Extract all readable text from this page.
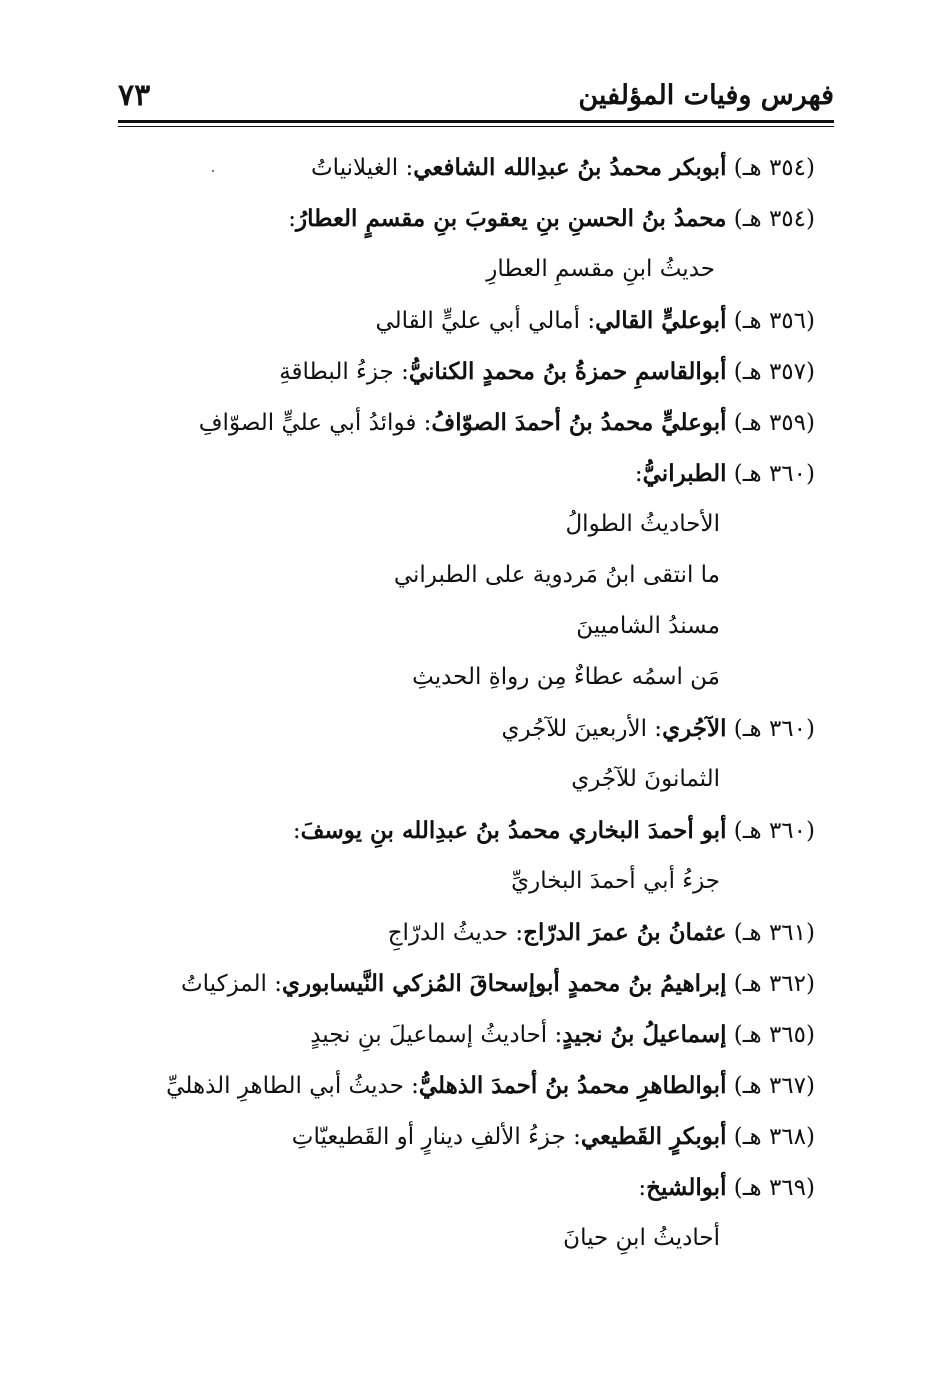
فهرس وفيات المؤلفين
٧٣
(٣٥٤ هـ) أبوبكر محمدُ بنُ عبدِالله الشافعي: الغيلانياتُ
(٣٥٤ هـ) محمدُ بنُ الحسنِ بنِ يعقوبَ بنِ مقسمٍ العطارُ:
حديثُ ابنِ مقسمِ العطارِ
(٣٥٦ هـ) أبوعليٍّ القالي: أمالي أبي عليٍّ القالي
(٣٥٧ هـ) أبوالقاسمِ حمزةُ بنُ محمدٍ الكنانيُّ: جزءُ البطاقةِ
(٣٥٩ هـ) أبوعليٍّ محمدُ بنُ أحمدَ الصوّافُ: فوائدُ أبي عليٍّ الصوّافِ
(٣٦٠ هـ) الطبرانيُّ:
الأحاديثُ الطوالُ
ما انتقى ابنُ مَردوية على الطبراني
مسندُ الشاميينَ
مَن اسمُه عطاءٌ مِن رواةِ الحديثِ
(٣٦٠ هـ) الآجُري: الأربعينَ للآجُري
الثمانونَ للآجُري
(٣٦٠ هـ) أبو أحمدَ البخاري محمدُ بنُ عبدِالله بنِ يوسفَ:
جزءُ أبي أحمدَ البخاريِّ
(٣٦١ هـ) عثمانُ بنُ عمرَ الدرّاج: حديثُ الدرّاجِ
(٣٦٢ هـ) إبراهيمُ بنُ محمدٍ أبوإسحاقَ المُزكي النَّيسابوري: المزكياتُ
(٣٦٥ هـ) إسماعيلُ بنُ نجيدٍ: أحاديثُ إسماعيلَ بنِ نجيدٍ
(٣٦٧ هـ) أبوالطاهرِ محمدُ بنُ أحمدَ الذهليُّ: حديثُ أبي الطاهرِ الذهليِّ
(٣٦٨ هـ) أبوبكرٍ القَطيعي: جزءُ الألفِ دينارٍ أو القَطيعيّاتِ
(٣٦٩ هـ) أبوالشيخ:
أحاديثُ ابنِ حيانَ
